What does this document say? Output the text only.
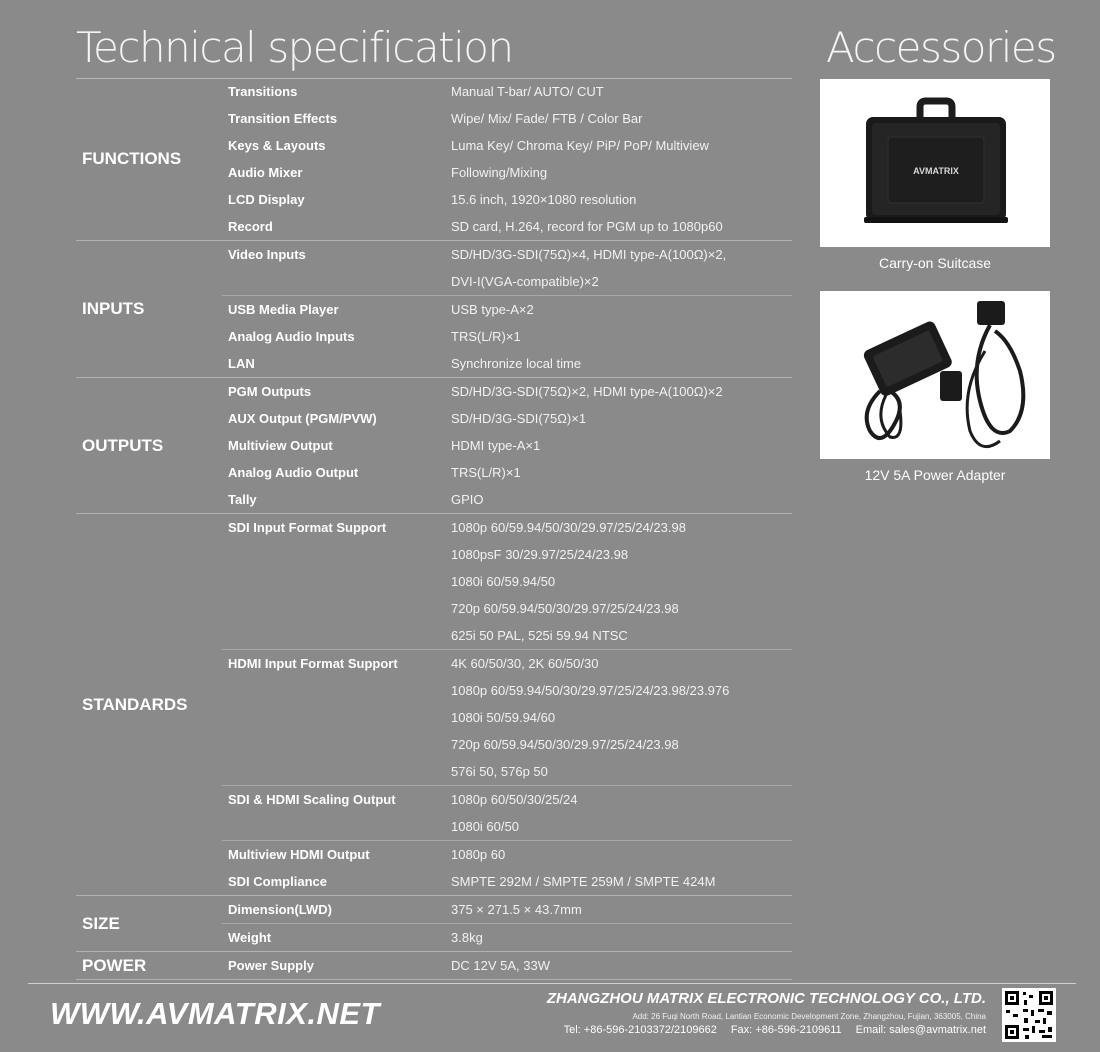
Technical specification	Accessories
FUNCTIONS
Transitions	Manual T-bar/ AUTO/ CUT
Transition Effects	Wipe/ Mix/ Fade/ FTB / Color Bar
Keys & Layouts	Luma Key/ Chroma Key/ PiP/ PoP/ Multiview
Audio Mixer	Following/Mixing
LCD Display	15.6 inch, 1920×1080 resolution
Record	SD card, H.264, record for PGM up to 1080p60
INPUTS
Video Inputs	SD/HD/3G-SDI(75Ω)×4, HDMI type-A(100Ω)×2,
DVI-I(VGA-compatible)×2
USB Media Player	USB type-A×2
Analog Audio Inputs	TRS(L/R)×1
LAN	Synchronize local time
OUTPUTS
PGM Outputs	SD/HD/3G-SDI(75Ω)×2, HDMI type-A(100Ω)×2
AUX Output (PGM/PVW)	SD/HD/3G-SDI(75Ω)×1
Multiview Output	HDMI type-A×1
Analog Audio Output	TRS(L/R)×1
Tally	GPIO
STANDARDS
SDI Input Format Support	1080p 60/59.94/50/30/29.97/25/24/23.98
1080psF 30/29.97/25/24/23.98
1080i 60/59.94/50
720p 60/59.94/50/30/29.97/25/24/23.98
625i 50 PAL, 525i 59.94 NTSC
HDMI Input Format Support	4K 60/50/30, 2K 60/50/30
1080p 60/59.94/50/30/29.97/25/24/23.98/23.976
1080i 50/59.94/60
720p 60/59.94/50/30/29.97/25/24/23.98
576i 50, 576p 50
SDI & HDMI Scaling Output	1080p 60/50/30/25/24
1080i 60/50
Multiview HDMI Output	1080p 60
SDI Compliance	SMPTE 292M / SMPTE 259M / SMPTE 424M
SIZE
Dimension(LWD)	375 × 271.5 × 43.7mm
Weight	3.8kg
POWER	Power Supply	DC 12V 5A, 33W
AVMATRIX
Carry-on Suitcase
12V 5A Power Adapter
WWW.AVMATRIX.NET	ZHANGZHOU MATRIX ELECTRONIC TECHNOLOGY CO., LTD.
Add: 26 Fuqi North Road, Lantian Economic Development Zone, Zhangzhou, Fujian, 363005, China
Tel: +86-596-2103372/2109662 Fax: +86-596-2109611 Email: sales@avmatrix.net
